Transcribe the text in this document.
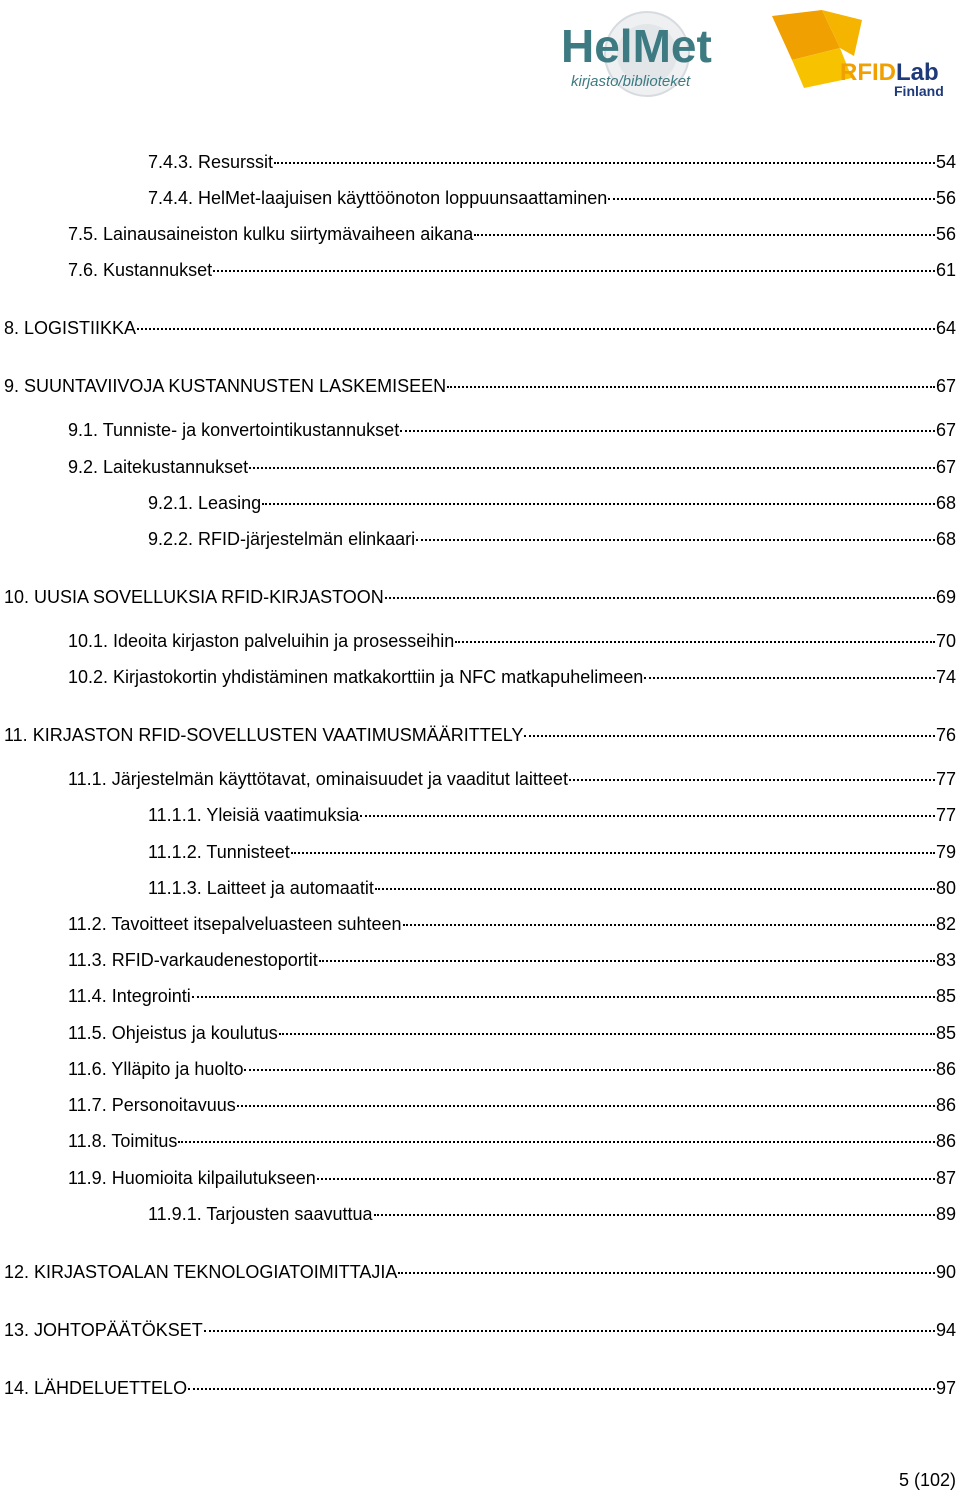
HelMet
kirjasto/biblioteket	RFIDLab
Finland
7.4.3. Resurssit	54
7.4.4. HelMet-laajuisen käyttöönoton loppuunsaattaminen	56
7.5. Lainausaineiston kulku siirtymävaiheen aikana	56
7.6. Kustannukset	61
8. LOGISTIIKKA	64
9. SUUNTAVIIVOJA KUSTANNUSTEN LASKEMISEEN	67
9.1. Tunniste- ja konvertointikustannukset	67
9.2. Laitekustannukset	67
9.2.1. Leasing	68
9.2.2. RFID-järjestelmän elinkaari	68
10. UUSIA SOVELLUKSIA RFID-KIRJASTOON	69
10.1. Ideoita kirjaston palveluihin ja prosesseihin	70
10.2. Kirjastokortin yhdistäminen matkakorttiin ja NFC matkapuhelimeen	74
11. KIRJASTON RFID-SOVELLUSTEN VAATIMUSMÄÄRITTELY	76
11.1. Järjestelmän käyttötavat, ominaisuudet ja vaaditut laitteet	77
11.1.1. Yleisiä vaatimuksia	77
11.1.2. Tunnisteet	79
11.1.3. Laitteet ja automaatit	80
11.2. Tavoitteet itsepalveluasteen suhteen	82
11.3. RFID-varkaudenestoportit	83
11.4. Integrointi	85
11.5. Ohjeistus ja koulutus	85
11.6. Ylläpito ja huolto	86
11.7. Personoitavuus	86
11.8. Toimitus	86
11.9. Huomioita kilpailutukseen	87
11.9.1. Tarjousten saavuttua	89
12. KIRJASTOALAN TEKNOLOGIATOIMITTAJIA	90
13. JOHTOPÄÄTÖKSET	94
14. LÄHDELUETTELO	97
5 (102)
